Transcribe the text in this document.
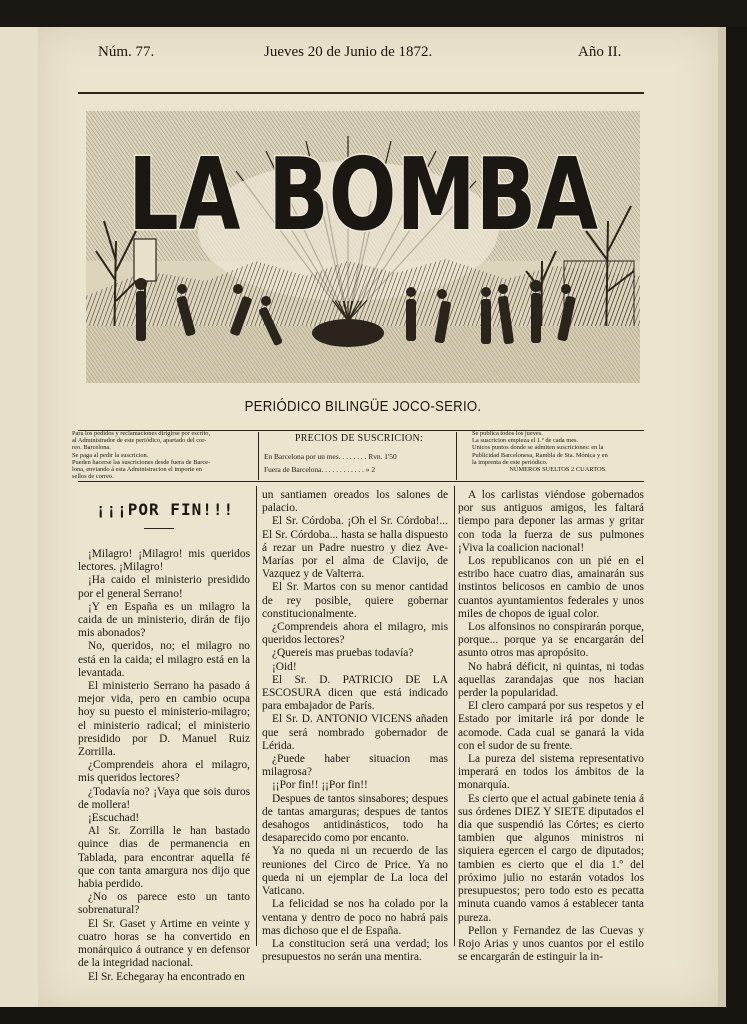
Núm. 77.	Jueves 20 de Junio de 1872.	Año II.
LA BOMBA
PERIÓDICO BILINGÜE JOCO-SERIO.
Para los pedidos y reclamaciones dirigirse por escrito,
al Administrador de este periódico, apartado del cor-
reo. Barcelona.
Se paga al pedir la suscricion.
Pueden hacerse las suscriciones desde fuera de Barce-
lona, enviando á esta Administracion el importe en
sellos de correo.
PRECIOS DE SUSCRICION:
En Barcelona por un mes. . . . . . . . Rvn. 1'50
Fuera de Barcelona. . . . . . . . . . . . » 2
Se publica todos los jueves.
La suscricion empieza el 1.º de cada mes.
Unicos puntos donde se admiten suscriciones: en la
Publicidad Barcelonesa, Rambla de Sta. Mónica y en
la imprenta de este periódico.
NÚMEROS SUELTOS 2 CUARTOS.
¡¡¡POR FIN!!!

¡Milagro! ¡Milagro! mis queridos lectores. ¡Milagro!

¡Ha caido el ministerio presidido por el general Serrano!

¡Y en España es un milagro la caida de un ministerio, dirán de fijo mis abonados?

No, queridos, no; el milagro no está en la caida; el milagro está en la levantada.

El ministerio Serrano ha pasado á mejor vida, pero en cambio ocupa hoy su puesto el ministerio-milagro; el ministerio radical; el ministerio presidido por D. Manuel Ruiz Zorrilla.

¿Comprendeis ahora el milagro, mis queridos lectores?

¿Todavía no? ¡Vaya que sois duros de mollera!

¡Escuchad!

Al Sr. Zorrilla le han bastado quince dias de permanencia en Tablada, para encontrar aquella fé que con tanta amargura nos dijo que habia perdido.

¿No os parece esto un tanto sobrenatural?

El Sr. Gaset y Artime en veinte y cuatro horas se ha convertido en monárquico á outrance y en defensor de la integridad nacional.

El Sr. Echegaray ha encontrado en

un santiamen oreados los salones de palacio.

El Sr. Córdoba. ¡Oh el Sr. Córdoba!... El Sr. Córdoba... hasta se halla dispuesto á rezar un Padre nuestro y diez Ave-Marías por el alma de Clavijo, de Vazquez y de Valterra.

El Sr. Martos con su menor cantidad de rey posible, quiere gobernar constitucionalmente.

¿Comprendeis ahora el milagro, mis queridos lectores?

¿Quereis mas pruebas todavía?

¡Oid!

El Sr. D. PATRICIO DE LA ESCOSURA dicen que está indicado para embajador de París.

El Sr. D. ANTONIO VICENS añaden que será nombrado gobernador de Lérida.

¿Puede haber situacion mas milagrosa?

¡¡Por fin!! ¡¡Por fin!!

Despues de tantos sinsabores; despues de tantas amarguras; despues de tantos desahogos antidinásticos, todo ha desaparecido como por encanto.

Ya no queda ni un recuerdo de las reuniones del Circo de Price. Ya no queda ni un ejemplar de La loca del Vaticano.

La felicidad se nos ha colado por la ventana y dentro de poco no habrá pais mas dichoso que el de España.

La constitucion será una verdad; los presupuestos no serán una mentira.

A los carlistas viéndose gobernados por sus antiguos amigos, les faltará tiempo para deponer las armas y gritar con toda la fuerza de sus pulmones ¡Viva la coalicion nacional!

Los republicanos con un pié en el estribo hace cuatro dias, amainarán sus instintos belicosos en cambio de unos cuantos ayuntamientos federales y unos miles de chopos de igual color.

Los alfonsinos no conspirarán porque, porque... porque ya se encargarán del asunto otros mas apropósito.

No habrá déficit, ni quintas, ni todas aquellas zarandajas que nos hacian perder la popularidad.

El clero campará por sus respetos y el Estado por imitarle irá por donde le acomode. Cada cual se ganará la vida con el sudor de su frente.

La pureza del sistema representativo imperará en todos los ámbitos de la monarquía.

Es cierto que el actual gabinete tenia á sus órdenes DIEZ Y SIETE diputados el dia que suspendió las Córtes; es cierto tambien que algunos ministros ni siquiera egercen el cargo de diputados; tambien es cierto que el dia 1.º del próximo julio no estarán votados los presupuestos; pero todo esto es pecatta minuta cuando vamos á establecer tanta pureza.

Pellon y Fernandez de las Cuevas y Rojo Arias y unos cuantos por el estilo se encargarán de estinguir la in-
